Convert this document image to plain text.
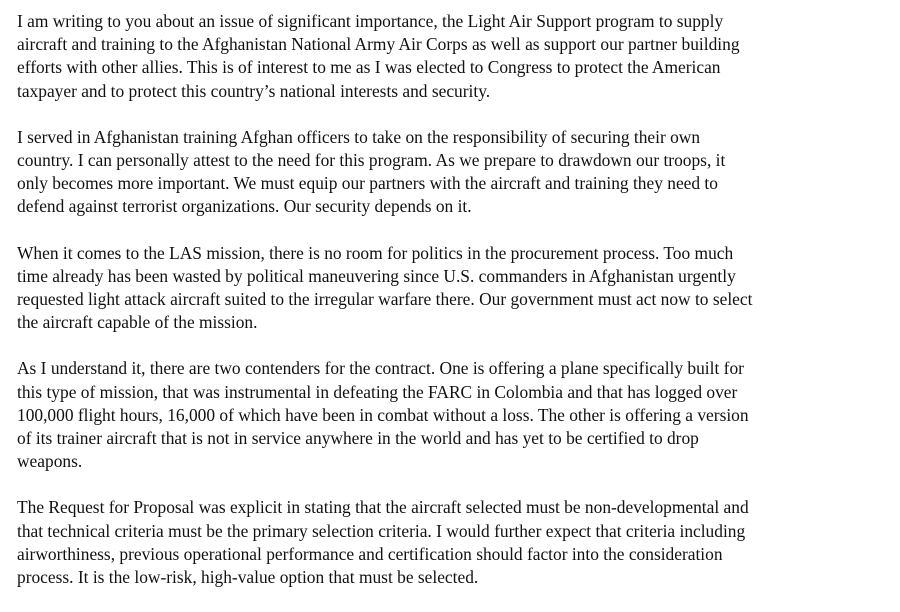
I am writing to you about an issue of significant importance, the Light Air Support program to supply
aircraft and training to the Afghanistan National Army Air Corps as well as support our partner building
efforts with other allies. This is of interest to me as I was elected to Congress to protect the American
taxpayer and to protect this country’s national interests and security.

I served in Afghanistan training Afghan officers to take on the responsibility of securing their own
country. I can personally attest to the need for this program. As we prepare to drawdown our troops, it
only becomes more important. We must equip our partners with the aircraft and training they need to
defend against terrorist organizations. Our security depends on it.

When it comes to the LAS mission, there is no room for politics in the procurement process. Too much
time already has been wasted by political maneuvering since U.S. commanders in Afghanistan urgently
requested light attack aircraft suited to the irregular warfare there. Our government must act now to select
the aircraft capable of the mission.

As I understand it, there are two contenders for the contract. One is offering a plane specifically built for
this type of mission, that was instrumental in defeating the FARC in Colombia and that has logged over
100,000 flight hours, 16,000 of which have been in combat without a loss. The other is offering a version
of its trainer aircraft that is not in service anywhere in the world and has yet to be certified to drop
weapons.

The Request for Proposal was explicit in stating that the aircraft selected must be non-developmental and
that technical criteria must be the primary selection criteria. I would further expect that criteria including
airworthiness, previous operational performance and certification should factor into the consideration
process. It is the low-risk, high-value option that must be selected.
